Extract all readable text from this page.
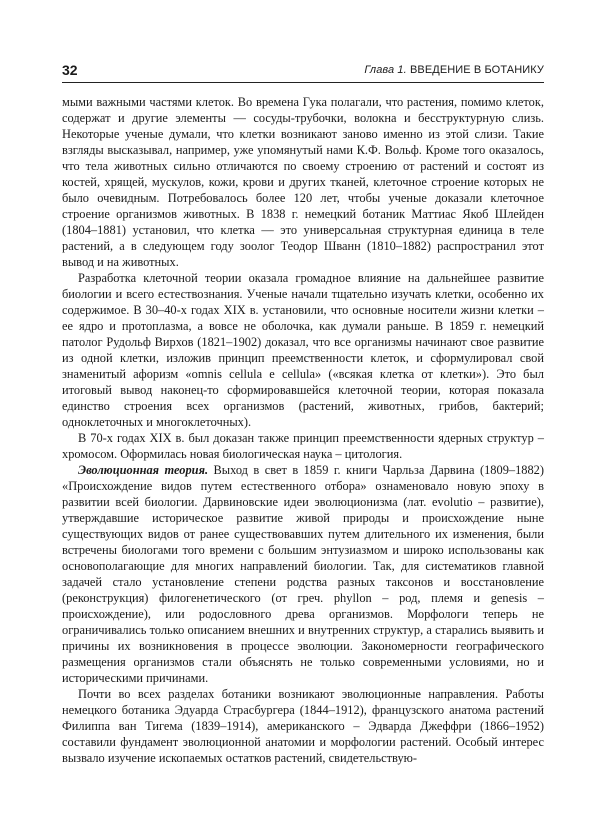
32	Глава 1. ВВЕДЕНИЕ В БОТАНИКУ

мыми важными частями клеток. Во времена Гука полагали, что растения, помимо клеток, содержат и другие элементы — сосуды-трубочки, волокна и бесструктурную слизь. Некоторые ученые думали, что клетки возникают заново именно из этой слизи. Такие взгляды высказывал, например, уже упомянутый нами К.Ф. Вольф. Кроме того оказалось, что тела животных сильно отличаются по своему строению от растений и состоят из костей, хрящей, мускулов, кожи, крови и других тканей, клеточное строение которых не было очевидным. Потребовалось более 120 лет, чтобы ученые доказали клеточное строение организмов животных. В 1838 г. немецкий ботаник Маттиас Якоб Шлейден (1804–1881) установил, что клетка — это универсальная структурная единица в теле растений, а в следующем году зоолог Теодор Шванн (1810–1882) распространил этот вывод и на животных.

Разработка клеточной теории оказала громадное влияние на дальнейшее развитие биологии и всего естествознания. Ученые начали тщательно изучать клетки, особенно их содержимое. В 30–40-х годах XIX в. установили, что основные носители жизни клетки – ее ядро и протоплазма, а вовсе не оболочка, как думали раньше. В 1859 г. немецкий патолог Рудольф Вирхов (1821–1902) доказал, что все организмы начинают свое развитие из одной клетки, изложив принцип преемственности клеток, и сформулировал свой знаменитый афоризм «omnis cellula e cellula» («всякая клетка от клетки»). Это был итоговый вывод наконец-то сформировавшейся клеточной теории, которая показала единство строения всех организмов (растений, животных, грибов, бактерий; одноклеточных и многоклеточных).

В 70-х годах XIX в. был доказан также принцип преемственности ядерных структур – хромосом. Оформилась новая биологическая наука – цитология.

Эволюционная теория. Выход в свет в 1859 г. книги Чарльза Дарвина (1809–1882) «Происхождение видов путем естественного отбора» ознаменовало новую эпоху в развитии всей биологии. Дарвиновские идеи эволюционизма (лат. evolutio – развитие), утверждавшие историческое развитие живой природы и происхождение ныне существующих видов от ранее существовавших путем длительного их изменения, были встречены биологами того времени с большим энтузиазмом и широко использованы как основополагающие для многих направлений биологии. Так, для систематиков главной задачей стало установление степени родства разных таксонов и восстановление (реконструкция) филогенетического (от греч. phyllon – род, племя и genesis – происхождение), или родословного древа организмов. Морфологи теперь не ограничивались только описанием внешних и внутренних структур, а старались выявить и причины их возникновения в процессе эволюции. Закономерности географического размещения организмов стали объяснять не только современными условиями, но и историческими причинами.

Почти во всех разделах ботаники возникают эволюционные направления. Работы немецкого ботаника Эдуарда Страсбургера (1844–1912), французского анатома растений Филиппа ван Тигема (1839–1914), американского – Эдварда Джеффри (1866–1952) составили фундамент эволюционной анатомии и морфологии растений. Особый интерес вызвало изучение ископаемых остатков растений, свидетельствую-
